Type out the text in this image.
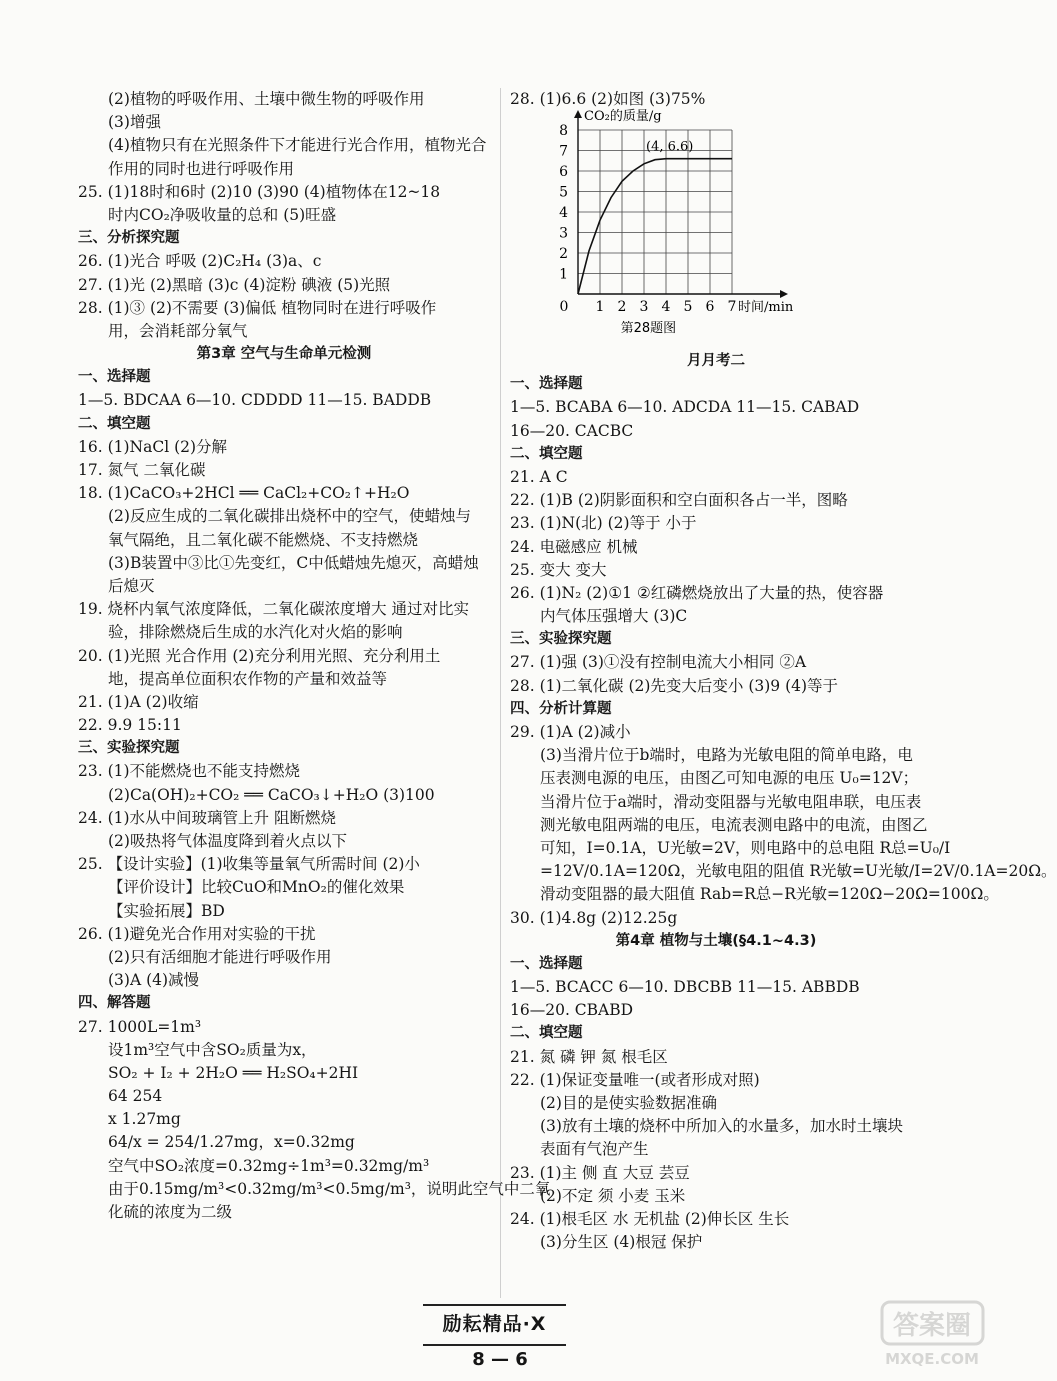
(2)植物的呼吸作用、土壤中微生物的呼吸作用
(3)增强
(4)植物只有在光照条件下才能进行光合作用，植物光合
作用的同时也进行呼吸作用
25. (1)18时和6时 (2)10 (3)90 (4)植物体在12~18
时内CO₂净吸收量的总和 (5)旺盛
三、分析探究题
26. (1)光合 呼吸 (2)C₂H₄ (3)a、c
27. (1)光 (2)黑暗 (3)c (4)淀粉 碘液 (5)光照
28. (1)③ (2)不需要 (3)偏低 植物同时在进行呼吸作
用，会消耗部分氧气
第3章 空气与生命单元检测
一、选择题
1—5. BDCAA 6—10. CDDDD 11—15. BADDB
二、填空题
16. (1)NaCl (2)分解
17. 氮气 二氧化碳
18. (1)CaCO₃+2HCl ══ CaCl₂+CO₂↑+H₂O
(2)反应生成的二氧化碳排出烧杯中的空气，使蜡烛与
氧气隔绝，且二氧化碳不能燃烧、不支持燃烧
(3)B装置中③比①先变红，C中低蜡烛先熄灭，高蜡烛
后熄灭
19. 烧杯内氧气浓度降低，二氧化碳浓度增大 通过对比实
验，排除燃烧后生成的水汽化对火焰的影响
20. (1)光照 光合作用 (2)充分利用光照、充分利用土
地，提高单位面积农作物的产量和效益等
21. (1)A (2)收缩
22. 9.9 15:11
三、实验探究题
23. (1)不能燃烧也不能支持燃烧
(2)Ca(OH)₂+CO₂ ══ CaCO₃↓+H₂O (3)100
24. (1)水从中间玻璃管上升 阻断燃烧
(2)吸热将气体温度降到着火点以下
25. 【设计实验】(1)收集等量氧气所需时间 (2)小
【评价设计】比较CuO和MnO₂的催化效果
【实验拓展】BD
26. (1)避免光合作用对实验的干扰
(2)只有活细胞才能进行呼吸作用
(3)A (4)减慢
四、解答题
27. 1000L=1m³
设1m³空气中含SO₂质量为x，
SO₂ + I₂ + 2H₂O ══ H₂SO₄+2HI
64 254
x 1.27mg
64/x = 254/1.27mg，x=0.32mg
空气中SO₂浓度=0.32mg÷1m³=0.32mg/m³
由于0.15mg/m³<0.32mg/m³<0.5mg/m³，说明此空气中二氧
化硫的浓度为二级
28. (1)6.6 (2)如图 (3)75%
0 1 2 3 4 5 6 7
1
2
3
4
5
6
7
8
CO₂的质量/g
时间/min
(4, 6.6)
第28题图
月月考二
一、选择题
1—5. BCABA 6—10. ADCDA 11—15. CABAD
16—20. CACBC
二、填空题
21. A C
22. (1)B (2)阴影面积和空白面积各占一半，图略
23. (1)N(北) (2)等于 小于
24. 电磁感应 机械
25. 变大 变大
26. (1)N₂ (2)①1 ②红磷燃烧放出了大量的热，使容器
内气体压强增大 (3)C
三、实验探究题
27. (1)强 (3)①没有控制电流大小相同 ②A
28. (1)二氧化碳 (2)先变大后变小 (3)9 (4)等于
四、分析计算题
29. (1)A (2)减小
(3)当滑片位于b端时，电路为光敏电阻的简单电路，电
压表测电源的电压，由图乙可知电源的电压 U₀=12V；
当滑片位于a端时，滑动变阻器与光敏电阻串联，电压表
测光敏电阻两端的电压，电流表测电路中的电流，由图乙
可知，I=0.1A，U光敏=2V，则电路中的总电阻 R总=U₀/I
=12V/0.1A=120Ω，光敏电阻的阻值 R光敏=U光敏/I=2V/0.1A=20Ω。
滑动变阻器的最大阻值 Rab=R总−R光敏=120Ω−20Ω=100Ω。
30. (1)4.8g (2)12.25g
第4章 植物与土壤(§4.1~4.3)
一、选择题
1—5. BCACC 6—10. DBCBB 11—15. ABBDB
16—20. CBABD
二、填空题
21. 氮 磷 钾 氮 根毛区
22. (1)保证变量唯一(或者形成对照)
(2)目的是使实验数据准确
(3)放有土壤的烧杯中所加入的水量多，加水时土壤块
表面有气泡产生
23. (1)主 侧 直 大豆 芸豆
(2)不定 须 小麦 玉米
24. (1)根毛区 水 无机盐 (2)伸长区 生长
(3)分生区 (4)根冠 保护
励耘精品·X
8 — 6
答案圈
MXQE.COM
